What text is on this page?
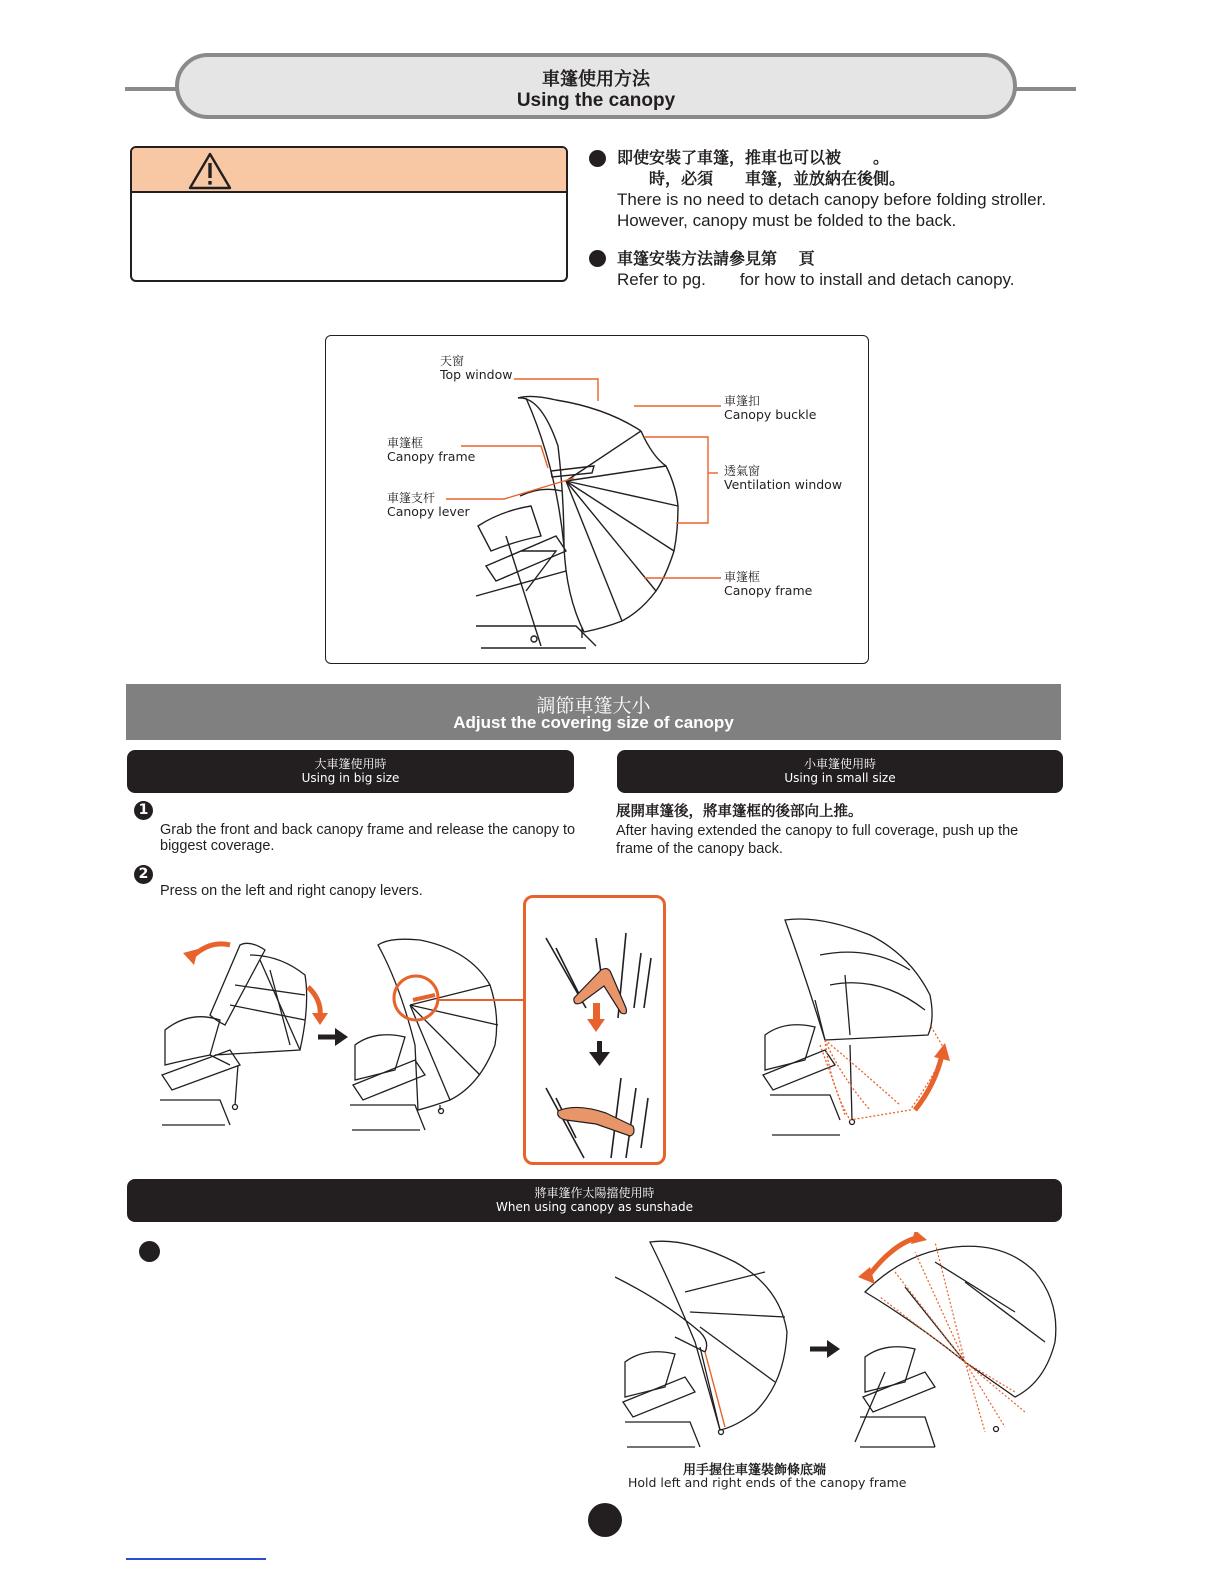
車篷使用方法
Using the canopy
即使安裝了車篷，推車也可以被　　。
　　時，必須　　車篷，並放納在後側。
There is no need to detach canopy before folding stroller.
However, canopy must be folded to the back.
車篷安裝方法請參見第　 頁
Refer to pg.　　for how to install and detach canopy.
天窗
Top window
車篷框
Canopy frame
車篷支杆
Canopy lever
車篷扣
Canopy buckle
透氣窗
Ventilation window
車篷框
Canopy frame
調節車篷大小
Adjust the covering size of canopy
大車篷使用時
Using in big size
小車篷使用時
Using in small size
1
Grab the front and back canopy frame and release the canopy to biggest coverage.
2
Press on the left and right canopy levers.
展開車篷後，將車篷框的後部向上推。
After having extended the canopy to full coverage, push up the frame of the canopy back.
將車篷作太陽擋使用時
When using canopy as sunshade
用手握住車篷裝飾條底端
Hold left and right ends of the canopy frame
